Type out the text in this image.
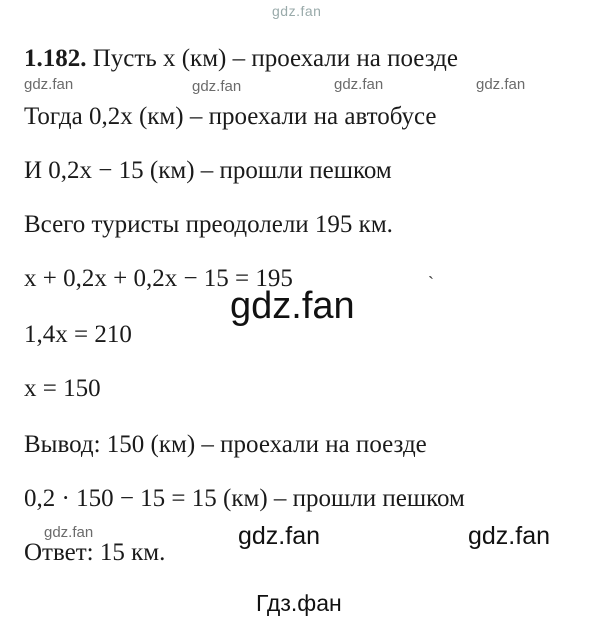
gdz.fan
1.182. Пусть x (км) – проехали на поезде
gdz.fan	gdz.fan	gdz.fan	gdz.fan
Тогда 0,2x (км) – проехали на автобусе
И 0,2x − 15 (км) – прошли пешком
Всего туристы преодолели 195 км.
x + 0,2x + 0,2x − 15 = 195	ˋ
gdz.fan
1,4x = 210
x = 150
Вывод: 150 (км) – проехали на поезде
0,2 · 150 − 15 = 15 (км) – прошли пешком
gdz.fan	gdz.fan	gdz.fan
Ответ: 15 км.
Гдз.фан
